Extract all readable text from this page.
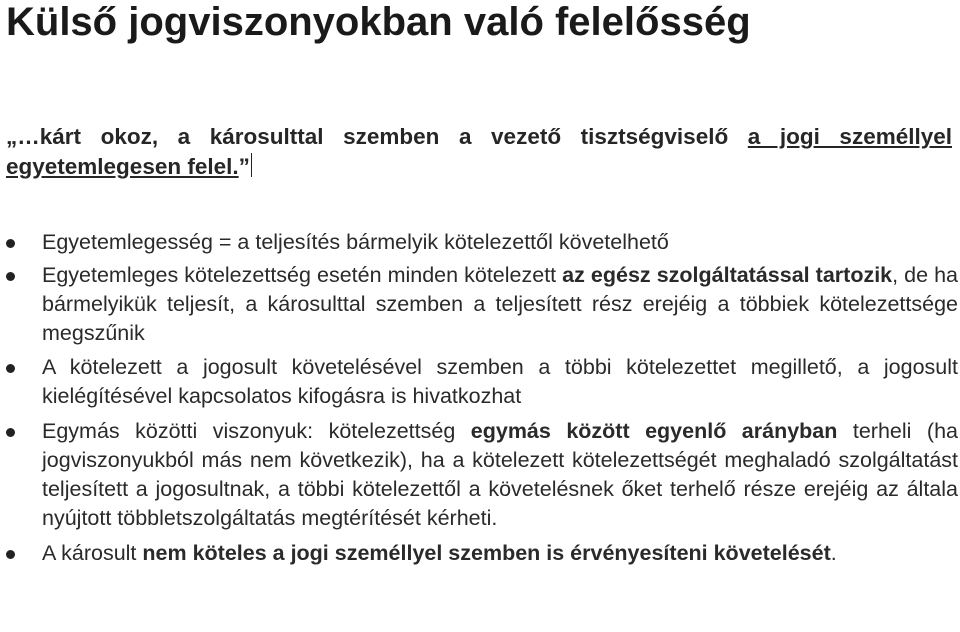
Külső jogviszonyokban való felelősség

„…kárt okoz, a károsulttal szemben a vezető tisztségviselő a jogi személlyel egyetemlegesen felel.”

Egyetemlegesség = a teljesítés bármelyik kötelezettől követelhető
Egyetemleges kötelezettség esetén minden kötelezett az egész szolgáltatással tartozik, de ha bármelyikük teljesít, a károsulttal szemben a teljesített rész erejéig a többiek kötelezettsége megszűnik
A kötelezett a jogosult követelésével szemben a többi kötelezettet megillető, a jogosult kielégítésével kapcsolatos kifogásra is hivatkozhat
Egymás közötti viszonyuk: kötelezettség egymás között egyenlő arányban terheli (ha jogviszonyukból más nem következik), ha a kötelezett kötelezettségét meghaladó szolgáltatást teljesített a jogosultnak, a többi kötelezettől a követelésnek őket terhelő része erejéig az általa nyújtott többletszolgáltatás megtérítését kérheti.
A károsult nem köteles a jogi személlyel szemben is érvényesíteni követelését.
